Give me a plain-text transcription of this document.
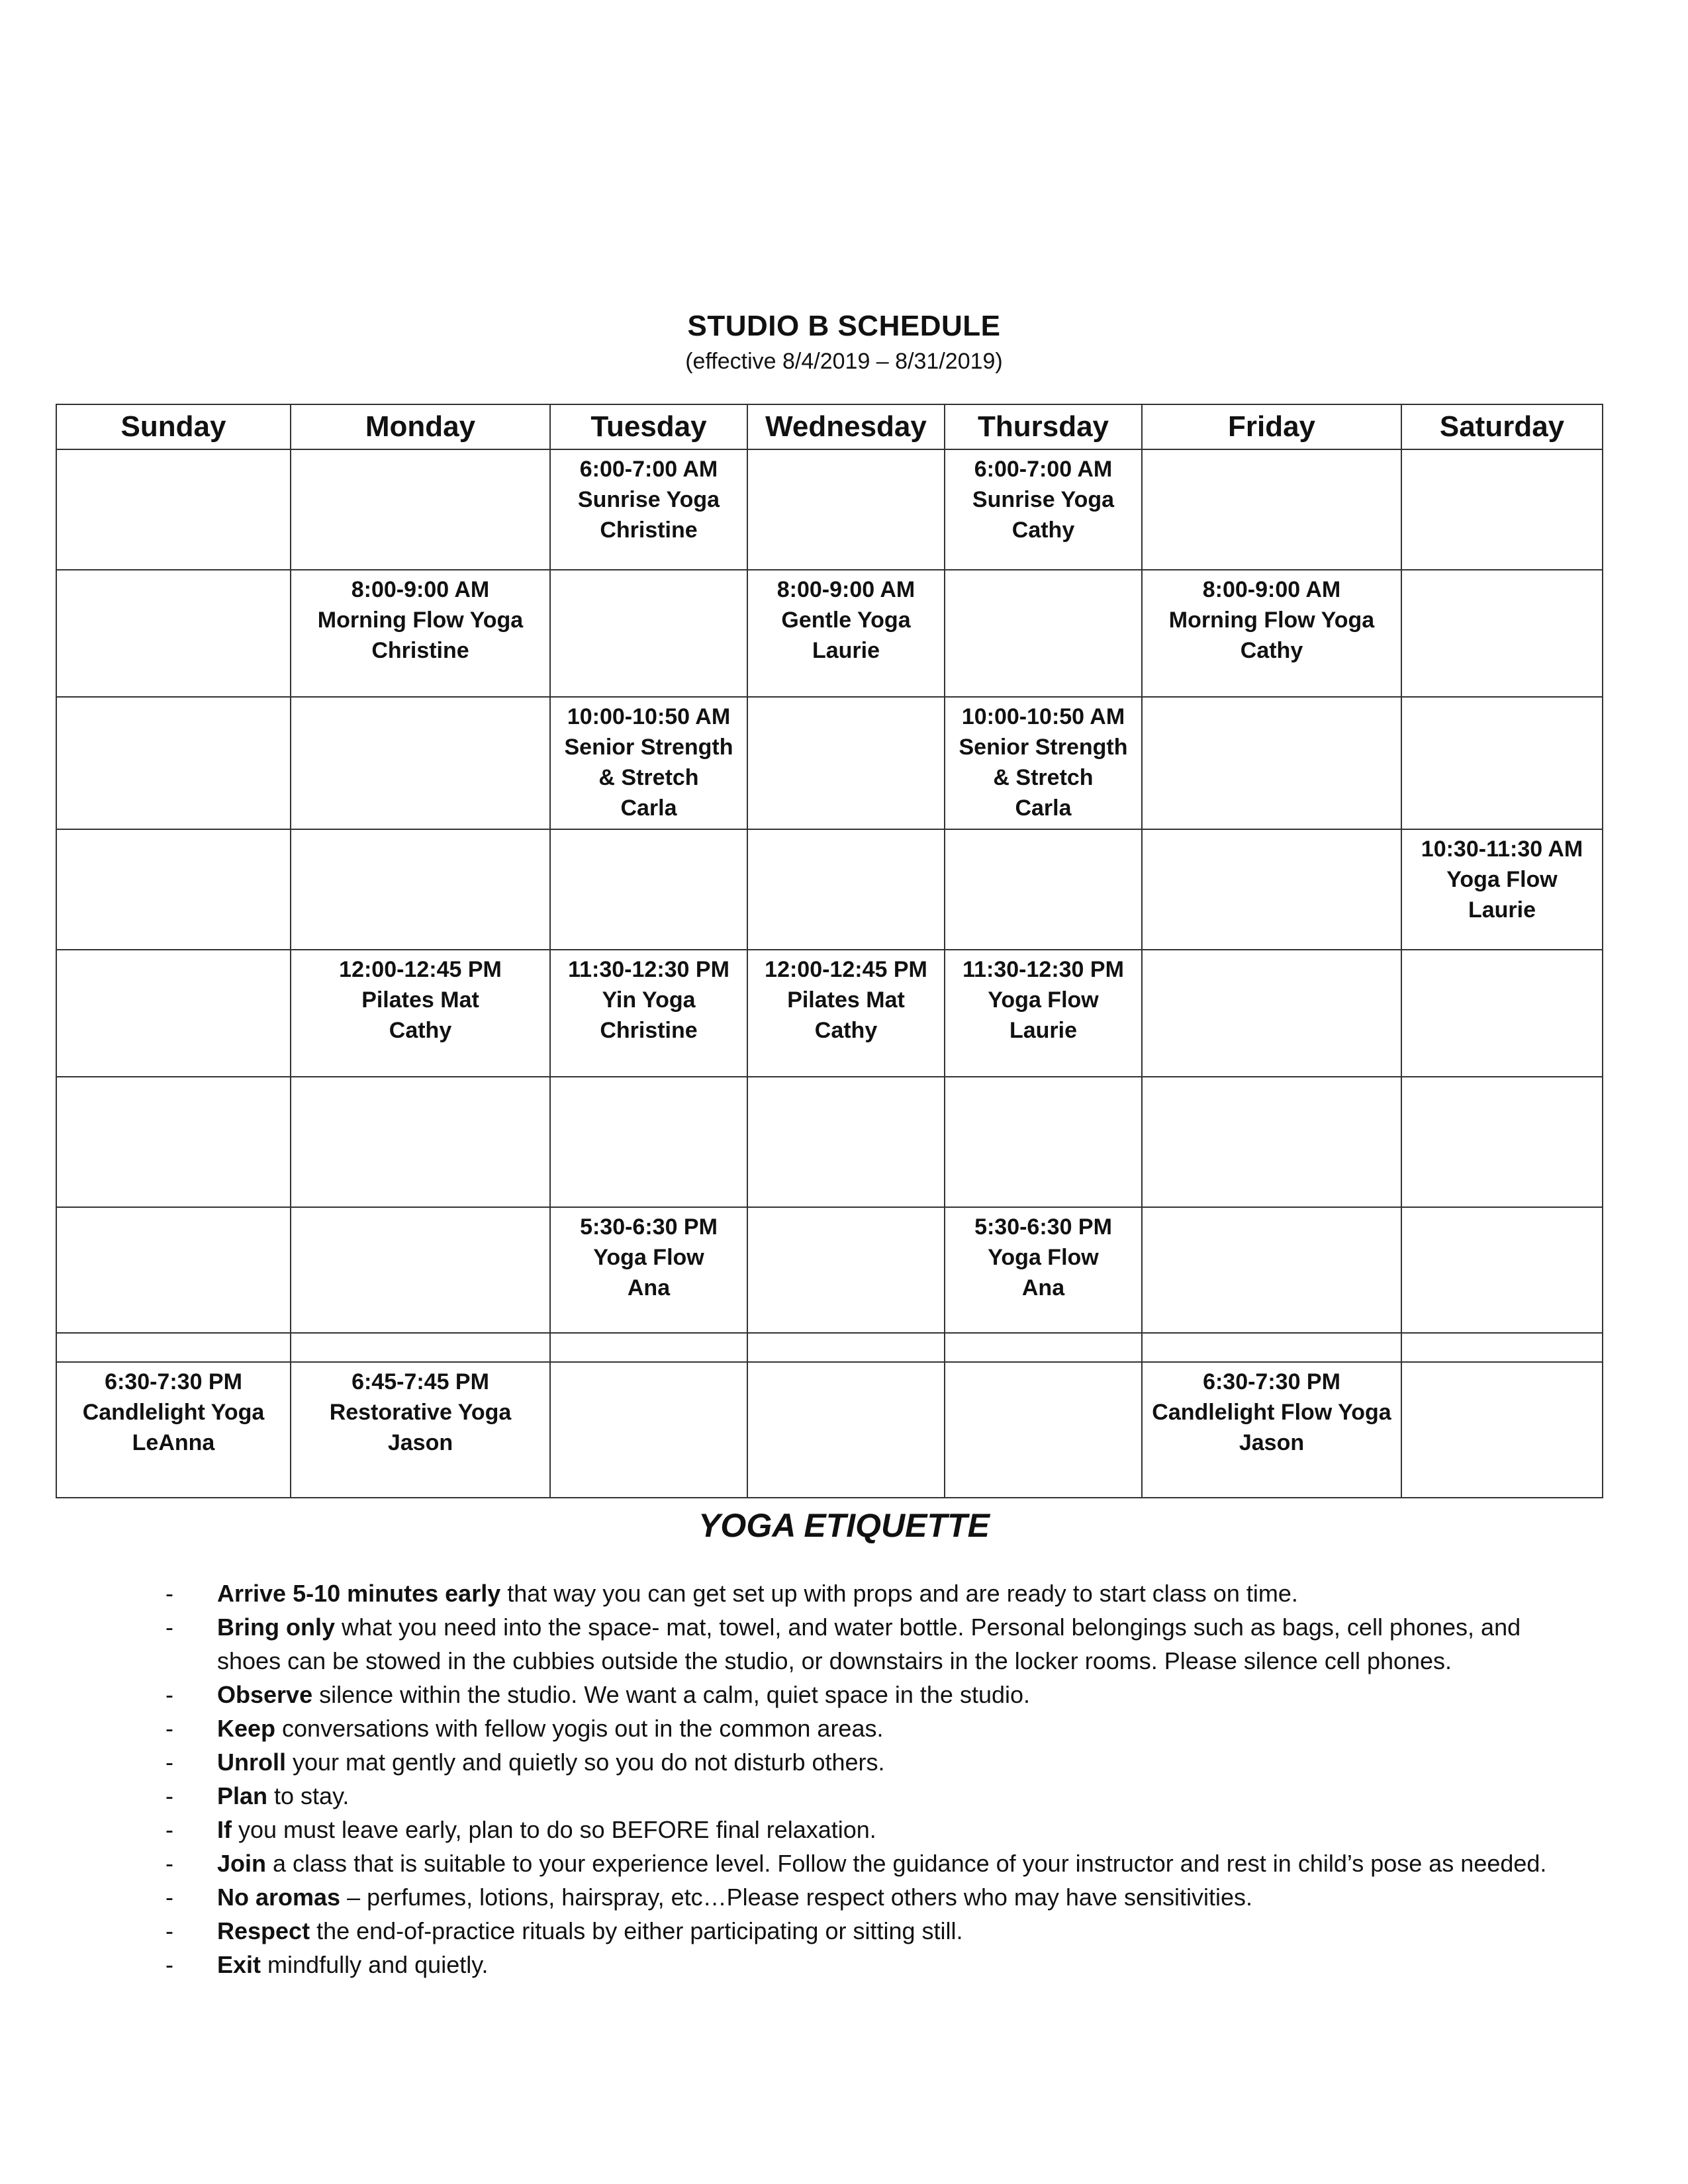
STUDIO B SCHEDULE
(effective 8/4/2019 – 8/31/2019)
Sunday	Monday	Tuesday	Wednesday	Thursday	Friday	Saturday

		6:00-7:00 AM
Sunrise Yoga
Christine		6:00-7:00 AM
Sunrise Yoga
Cathy		

	8:00-9:00 AM
Morning Flow Yoga
Christine		8:00-9:00 AM
Gentle Yoga
Laurie		8:00-9:00 AM
Morning Flow Yoga
Cathy	

		10:00-10:50 AM
Senior Strength
& Stretch
Carla		10:00-10:50 AM
Senior Strength
& Stretch
Carla		

						10:30-11:30 AM
Yoga Flow
Laurie

	12:00-12:45 PM
Pilates Mat
Cathy	11:30-12:30 PM
Yin Yoga
Christine	12:00-12:45 PM
Pilates Mat
Cathy	11:30-12:30 PM
Yoga Flow
Laurie		

		5:30-6:30 PM
Yoga Flow
Ana		5:30-6:30 PM
Yoga Flow
Ana		

6:30-7:30 PM
Candlelight Yoga
LeAnna	6:45-7:45 PM
Restorative Yoga
Jason				6:30-7:30 PM
Candlelight Flow Yoga
Jason	

YOGA ETIQUETTE
- Arrive 5-10 minutes early that way you can get set up with props and are ready to start class on time.
- Bring only what you need into the space- mat, towel, and water bottle. Personal belongings such as bags, cell phones, and shoes can be stowed in the cubbies outside the studio, or downstairs in the locker rooms. Please silence cell phones.
- Observe silence within the studio. We want a calm, quiet space in the studio.
- Keep conversations with fellow yogis out in the common areas.
- Unroll your mat gently and quietly so you do not disturb others.
- Plan to stay.
- If you must leave early, plan to do so BEFORE final relaxation.
- Join a class that is suitable to your experience level. Follow the guidance of your instructor and rest in child’s pose as needed.
- No aromas – perfumes, lotions, hairspray, etc…Please respect others who may have sensitivities.
- Respect the end-of-practice rituals by either participating or sitting still.
- Exit mindfully and quietly.
